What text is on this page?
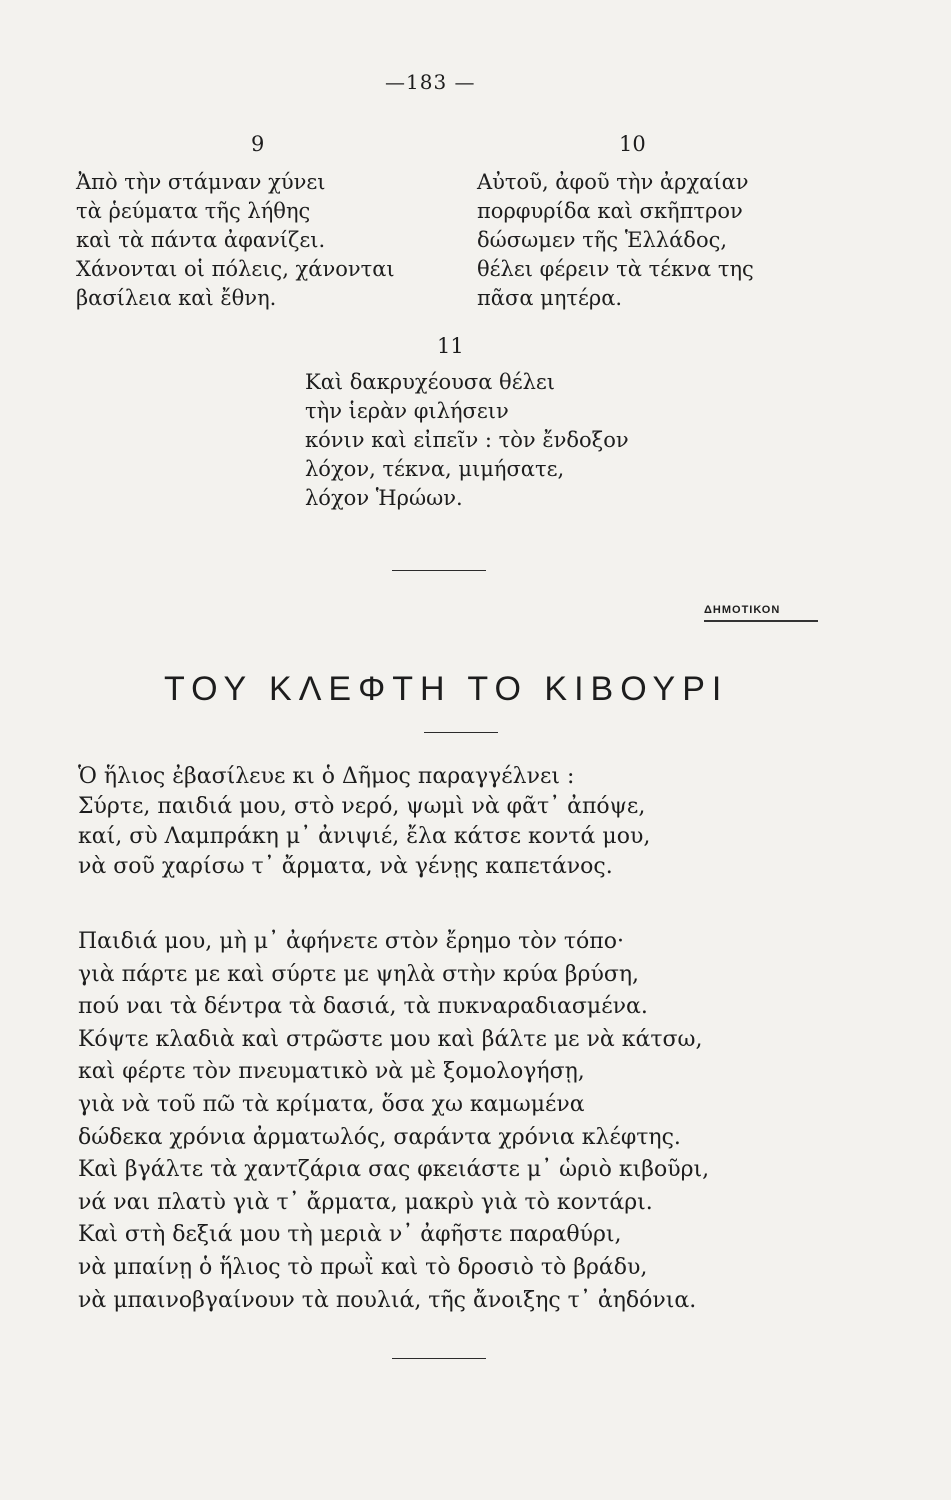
—183 —
9
Ἀπὸ τὴν στάμναν χύνει
τὰ ῥεύματα τῆς λήθης
καὶ τὰ πάντα ἀφανίζει.
Χάνονται οἱ πόλεις, χάνονται
βασίλεια καὶ ἔθνη.
10
Αὐτοῦ, ἀφοῦ τὴν ἀρχαίαν
πορφυρίδα καὶ σκῆπτρον
δώσωμεν τῆς Ἑλλάδος,
θέλει φέρειν τὰ τέκνα της
πᾶσα μητέρα.
11
Καὶ δακρυχέουσα θέλει
τὴν ἱερὰν φιλήσειν
κόνιν καὶ εἰπεῖν : τὸν ἔνδοξον
λόχον, τέκνα, μιμήσατε,
λόχον Ἡρώων.
ΔΗΜΟΤΙΚΟΝ
ΤΟΥ ΚΛΕΦΤΗ ΤΟ ΚΙΒΟΥΡΙ
Ὁ ἥλιος ἐβασίλευε κι ὁ Δῆμος παραγγέλνει :
Σύρτε, παιδιά μου, στὸ νερό, ψωμὶ νὰ φᾶτ᾿ ἀπόψε,
καί, σὺ Λαμπράκη μ᾿ ἀνιψιέ, ἔλα κάτσε κοντά μου,
νὰ σοῦ χαρίσω τ᾿ ἄρματα, νὰ γένῃς καπετάνος.
Παιδιά μου, μὴ μ᾿ ἀφήνετε στὸν ἔρημο τὸν τόπο·
γιὰ πάρτε με καὶ σύρτε με ψηλὰ στὴν κρύα βρύση,
πού ναι τὰ δέντρα τὰ δασιά, τὰ πυκναραδιασμένα.
Κόψτε κλαδιὰ καὶ στρῶστε μου καὶ βάλτε με νὰ κάτσω,
καὶ φέρτε τὸν πνευματικὸ νὰ μὲ ξομολογήσῃ,
γιὰ νὰ τοῦ πῶ τὰ κρίματα, ὅσα χω καμωμένα
δώδεκα χρόνια ἀρματωλός, σαράντα χρόνια κλέφτης.
Καὶ βγάλτε τὰ χαντζάρια σας φκειάστε μ᾿ ὡριὸ κιβοῦρι,
νά ναι πλατὺ γιὰ τ᾿ ἄρματα, μακρὺ γιὰ τὸ κοντάρι.
Καὶ στὴ δεξιά μου τὴ μεριὰ ν᾿ ἀφῆστε παραθύρι,
νὰ μπαίνῃ ὁ ἥλιος τὸ πρωῒ καὶ τὸ δροσιὸ τὸ βράδυ,
νὰ μπαινοβγαίνουν τὰ πουλιά, τῆς ἄνοιξης τ᾿ ἀηδόνια.
